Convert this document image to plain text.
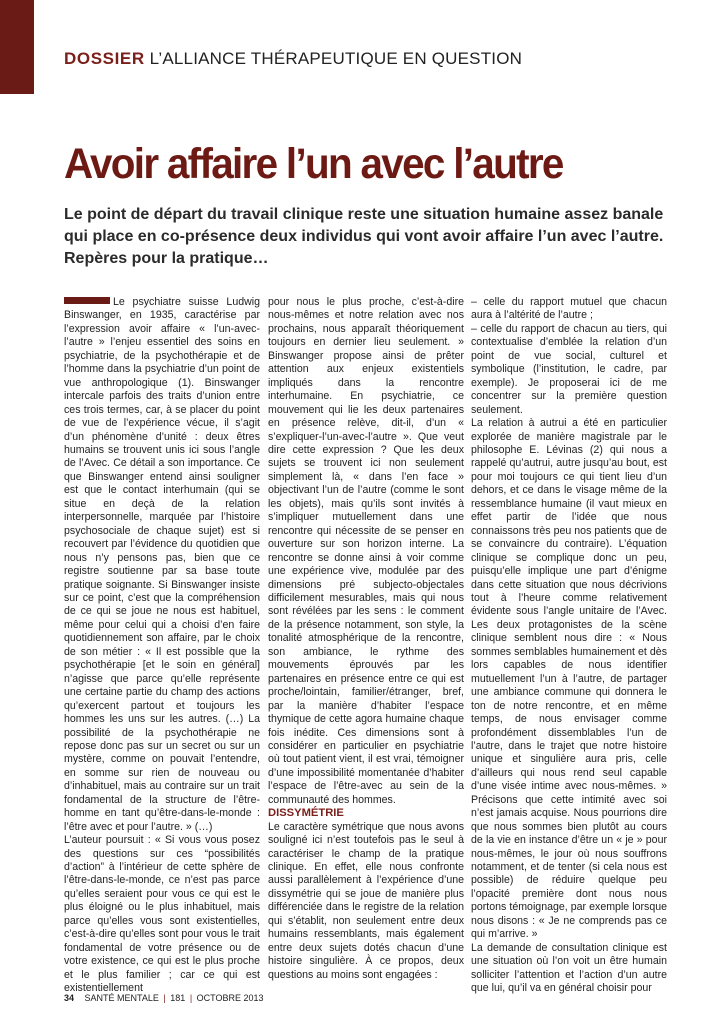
DOSSIER L’ALLIANCE THÉRAPEUTIQUE EN QUESTION
Avoir affaire l’un avec l’autre

Le point de départ du travail clinique reste une situation humaine assez banale qui place en co-présence deux individus qui vont avoir affaire l’un avec l’autre. Repères pour la pratique…

Le psychiatre suisse Ludwig Binswanger, en 1935, caractérise par l’expression avoir affaire « l’un-avec-l’autre » l’enjeu essentiel des soins en psychiatrie, de la psychothérapie et de l’homme dans la psychiatrie d’un point de vue anthropologique (1). Binswanger intercale parfois des traits d’union entre ces trois termes, car, à se placer du point de vue de l’expérience vécue, il s’agit d’un phénomène d’unité : deux êtres humains se trouvent unis ici sous l’angle de l’Avec. Ce détail a son importance. Ce que Binswanger entend ainsi souligner est que le contact interhumain (qui se situe en deçà de la relation interpersonnelle, marquée par l’histoire psychosociale de chaque sujet) est si recouvert par l’évidence du quotidien que nous n’y pensons pas, bien que ce registre soutienne par sa base toute pratique soignante. Si Binswanger insiste sur ce point, c’est que la compréhension de ce qui se joue ne nous est habituel, même pour celui qui a choisi d’en faire quotidiennement son affaire, par le choix de son métier : « Il est possible que la psychothérapie [et le soin en général] n’agisse que parce qu’elle représente une certaine partie du champ des actions qu’exercent partout et toujours les hommes les uns sur les autres. (…) La possibilité de la psychothérapie ne repose donc pas sur un secret ou sur un mystère, comme on pouvait l’entendre, en somme sur rien de nouveau ou d’inhabituel, mais au contraire sur un trait fondamental de la structure de l’être-homme en tant qu’être-dans-le-monde : l’être avec et pour l’autre. » (…)

L’auteur poursuit : « Si vous vous posez des questions sur ces “possibilités d’action” à l’intérieur de cette sphère de l’être-dans-le-monde, ce n’est pas parce qu’elles seraient pour vous ce qui est le plus éloigné ou le plus inhabituel, mais parce qu’elles vous sont existentielles, c’est-à-dire qu’elles sont pour vous le trait fondamental de votre présence ou de votre existence, ce qui est le plus proche et le plus familier ; car ce qui est existentiellement

pour nous le plus proche, c’est-à-dire nous-mêmes et notre relation avec nos prochains, nous apparaît théoriquement toujours en dernier lieu seulement. » Binswanger propose ainsi de prêter attention aux enjeux existentiels impliqués dans la rencontre interhumaine. En psychiatrie, ce mouvement qui lie les deux partenaires en présence relève, dit-il, d’un « s’expliquer-l’un-avec-l’autre ». Que veut dire cette expression ? Que les deux sujets se trouvent ici non seulement simplement là, « dans l’en face » objectivant l’un de l’autre (comme le sont les objets), mais qu’ils sont invités à s’impliquer mutuellement dans une rencontre qui nécessite de se penser en ouverture sur son horizon interne. La rencontre se donne ainsi à voir comme une expérience vive, modulée par des dimensions pré subjecto-objectales difficilement mesurables, mais qui nous sont révélées par les sens : le comment de la présence notamment, son style, la tonalité atmosphérique de la rencontre, son ambiance, le rythme des mouvements éprouvés par les partenaires en présence entre ce qui est proche/lointain, familier/étranger, bref, par la manière d’habiter l’espace thymique de cette agora humaine chaque fois inédite. Ces dimensions sont à considérer en particulier en psychiatrie où tout patient vient, il est vrai, témoigner d’une impossibilité momentanée d’habiter l’espace de l’être-avec au sein de la communauté des hommes.

DISSYMÉTRIE

Le caractère symétrique que nous avons souligné ici n’est toutefois pas le seul à caractériser le champ de la pratique clinique. En effet, elle nous confronte aussi parallèlement à l’expérience d’une dissymétrie qui se joue de manière plus différenciée dans le registre de la relation qui s’établit, non seulement entre deux humains ressemblants, mais également entre deux sujets dotés chacun d’une histoire singulière. À ce propos, deux questions au moins sont engagées :

– celle du rapport mutuel que chacun aura à l’altérité de l’autre ;

– celle du rapport de chacun au tiers, qui contextualise d’emblée la relation d’un point de vue social, culturel et symbolique (l’institution, le cadre, par exemple). Je proposerai ici de me concentrer sur la première question seulement.

La relation à autrui a été en particulier explorée de manière magistrale par le philosophe E. Lévinas (2) qui nous a rappelé qu’autrui, autre jusqu’au bout, est pour moi toujours ce qui tient lieu d’un dehors, et ce dans le visage même de la ressemblance humaine (il vaut mieux en effet partir de l’idée que nous connaissons très peu nos patients que de se convaincre du contraire). L’équation clinique se complique donc un peu, puisqu’elle implique une part d’énigme dans cette situation que nous décrivions tout à l’heure comme relativement évidente sous l’angle unitaire de l’Avec. Les deux protagonistes de la scène clinique semblent nous dire : « Nous sommes semblables humainement et dès lors capables de nous identifier mutuellement l’un à l’autre, de partager une ambiance commune qui donnera le ton de notre rencontre, et en même temps, de nous envisager comme profondément dissemblables l’un de l’autre, dans le trajet que notre histoire unique et singulière aura pris, celle d’ailleurs qui nous rend seul capable d’une visée intime avec nous-mêmes. » Précisons que cette intimité avec soi n’est jamais acquise. Nous pourrions dire que nous sommes bien plutôt au cours de la vie en instance d’être un « je » pour nous-mêmes, le jour où nous souffrons notamment, et de tenter (si cela nous est possible) de réduire quelque peu l’opacité première dont nous nous portons témoignage, par exemple lorsque nous disons : « Je ne comprends pas ce qui m’arrive. »

La demande de consultation clinique est une situation où l’on voit un être humain solliciter l’attention et l’action d’un autre que lui, qu’il va en général choisir pour

34 SANTÉ MENTALE | 181 | OCTOBRE 2013
